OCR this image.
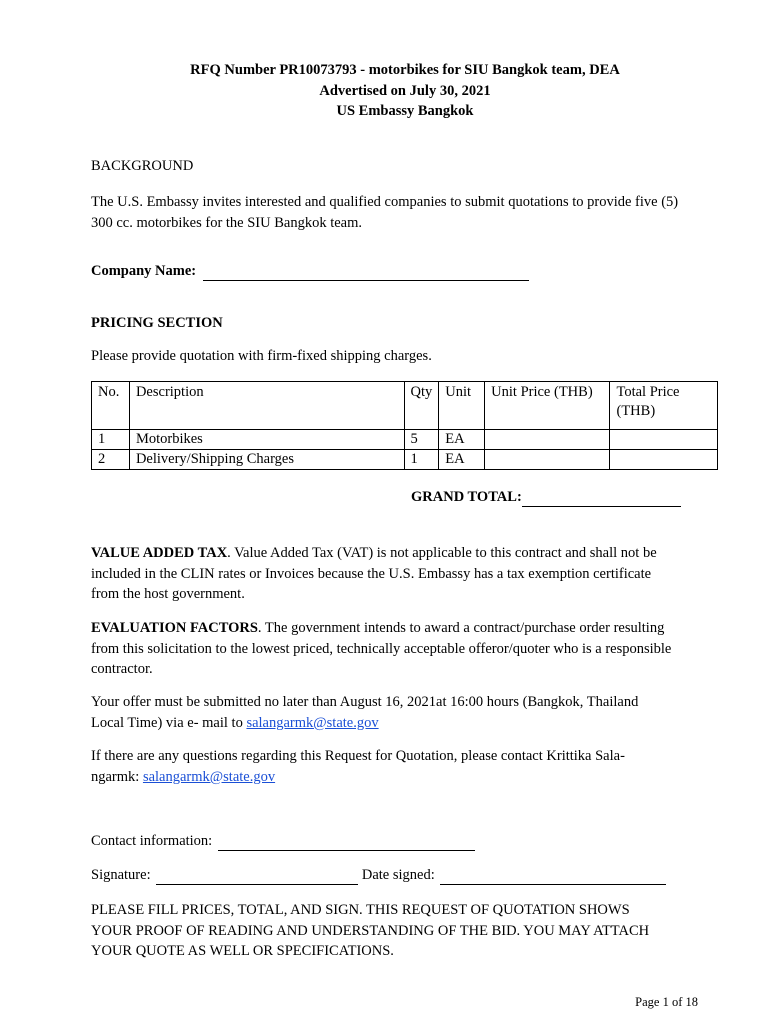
RFQ Number PR10073793 - motorbikes for SIU Bangkok team, DEA
Advertised on July 30, 2021
US Embassy Bangkok
BACKGROUND
The U.S. Embassy invites interested and qualified companies to submit quotations to provide five (5)
300 cc. motorbikes for the SIU Bangkok team.
Company Name:
PRICING SECTION
Please provide quotation with firm-fixed shipping charges.
No.	Description	Qty	Unit	Unit Price (THB)	Total Price (THB)
1	Motorbikes	5	EA		
2	Delivery/Shipping Charges	1	EA		
GRAND TOTAL:
VALUE ADDED TAX. Value Added Tax (VAT) is not applicable to this contract and shall not be
included in the CLIN rates or Invoices because the U.S. Embassy has a tax exemption certificate
from the host government.
EVALUATION FACTORS. The government intends to award a contract/purchase order resulting
from this solicitation to the lowest priced, technically acceptable offeror/quoter who is a responsible
contractor.
Your offer must be submitted no later than August 16, 2021at 16:00 hours (Bangkok, Thailand
Local Time) via e- mail to salangarmk@state.gov
If there are any questions regarding this Request for Quotation, please contact Krittika Sala-
ngarmk: salangarmk@state.gov
Contact information:
Signature:	Date signed:
PLEASE FILL PRICES, TOTAL, AND SIGN. THIS REQUEST OF QUOTATION SHOWS
YOUR PROOF OF READING AND UNDERSTANDING OF THE BID. YOU MAY ATTACH
YOUR QUOTE AS WELL OR SPECIFICATIONS.
Page 1 of 18
